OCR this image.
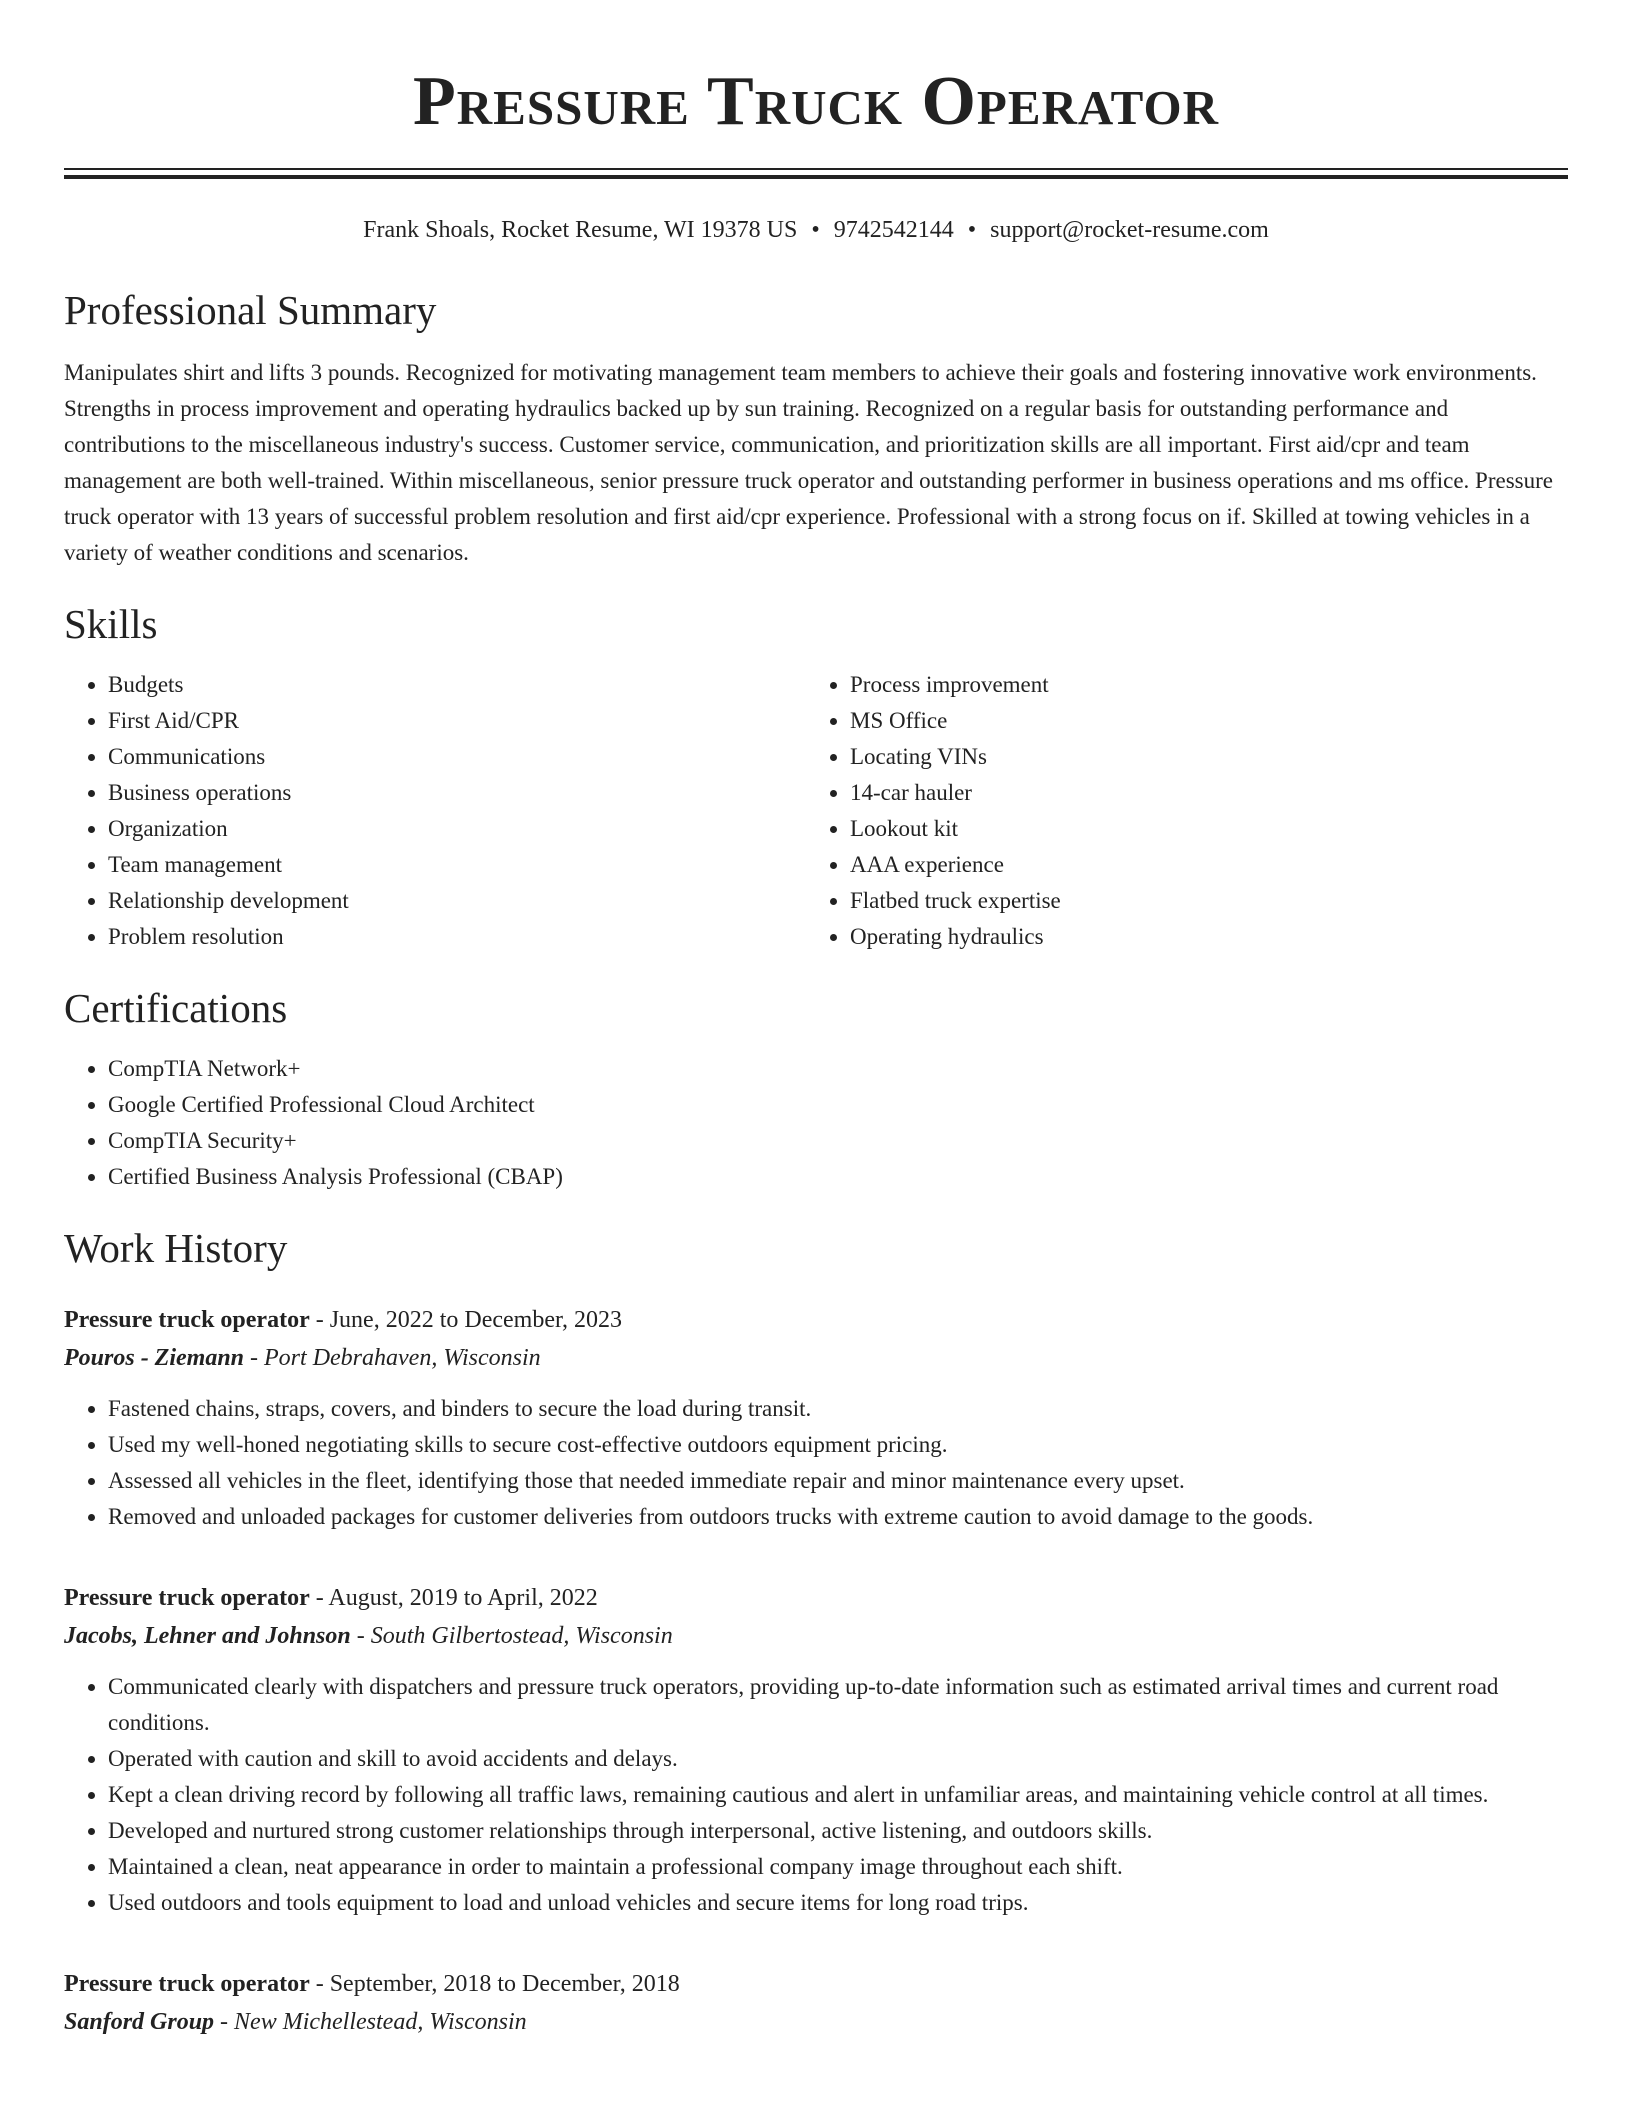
Pressure Truck Operator
Frank Shoals, Rocket Resume, WI 19378 US • 9742542144 • support@rocket-resume.com
Professional Summary

Manipulates shirt and lifts 3 pounds. Recognized for motivating management team members to achieve their goals and fostering innovative work environments. Strengths in process improvement and operating hydraulics backed up by sun training. Recognized on a regular basis for outstanding performance and contributions to the miscellaneous industry's success. Customer service, communication, and prioritization skills are all important. First aid/cpr and team management are both well-trained. Within miscellaneous, senior pressure truck operator and outstanding performer in business operations and ms office. Pressure truck operator with 13 years of successful problem resolution and first aid/cpr experience. Professional with a strong focus on if. Skilled at towing vehicles in a variety of weather conditions and scenarios.

Skills
• Budgets
• First Aid/CPR
• Communications
• Business operations
• Organization
• Team management
• Relationship development
• Problem resolution
• Process improvement
• MS Office
• Locating VINs
• 14-car hauler
• Lookout kit
• AAA experience
• Flatbed truck expertise
• Operating hydraulics
Certifications
• CompTIA Network+
• Google Certified Professional Cloud Architect
• CompTIA Security+
• Certified Business Analysis Professional (CBAP)
Work History
Pressure truck operator - June, 2022 to December, 2023
Pouros - Ziemann - Port Debrahaven, Wisconsin
• Fastened chains, straps, covers, and binders to secure the load during transit.
• Used my well-honed negotiating skills to secure cost-effective outdoors equipment pricing.
• Assessed all vehicles in the fleet, identifying those that needed immediate repair and minor maintenance every upset.
• Removed and unloaded packages for customer deliveries from outdoors trucks with extreme caution to avoid damage to the goods.
Pressure truck operator - August, 2019 to April, 2022
Jacobs, Lehner and Johnson - South Gilbertostead, Wisconsin
• Communicated clearly with dispatchers and pressure truck operators, providing up-to-date information such as estimated arrival times and current road conditions.
• Operated with caution and skill to avoid accidents and delays.
• Kept a clean driving record by following all traffic laws, remaining cautious and alert in unfamiliar areas, and maintaining vehicle control at all times.
• Developed and nurtured strong customer relationships through interpersonal, active listening, and outdoors skills.
• Maintained a clean, neat appearance in order to maintain a professional company image throughout each shift.
• Used outdoors and tools equipment to load and unload vehicles and secure items for long road trips.
Pressure truck operator - September, 2018 to December, 2018
Sanford Group - New Michellestead, Wisconsin
